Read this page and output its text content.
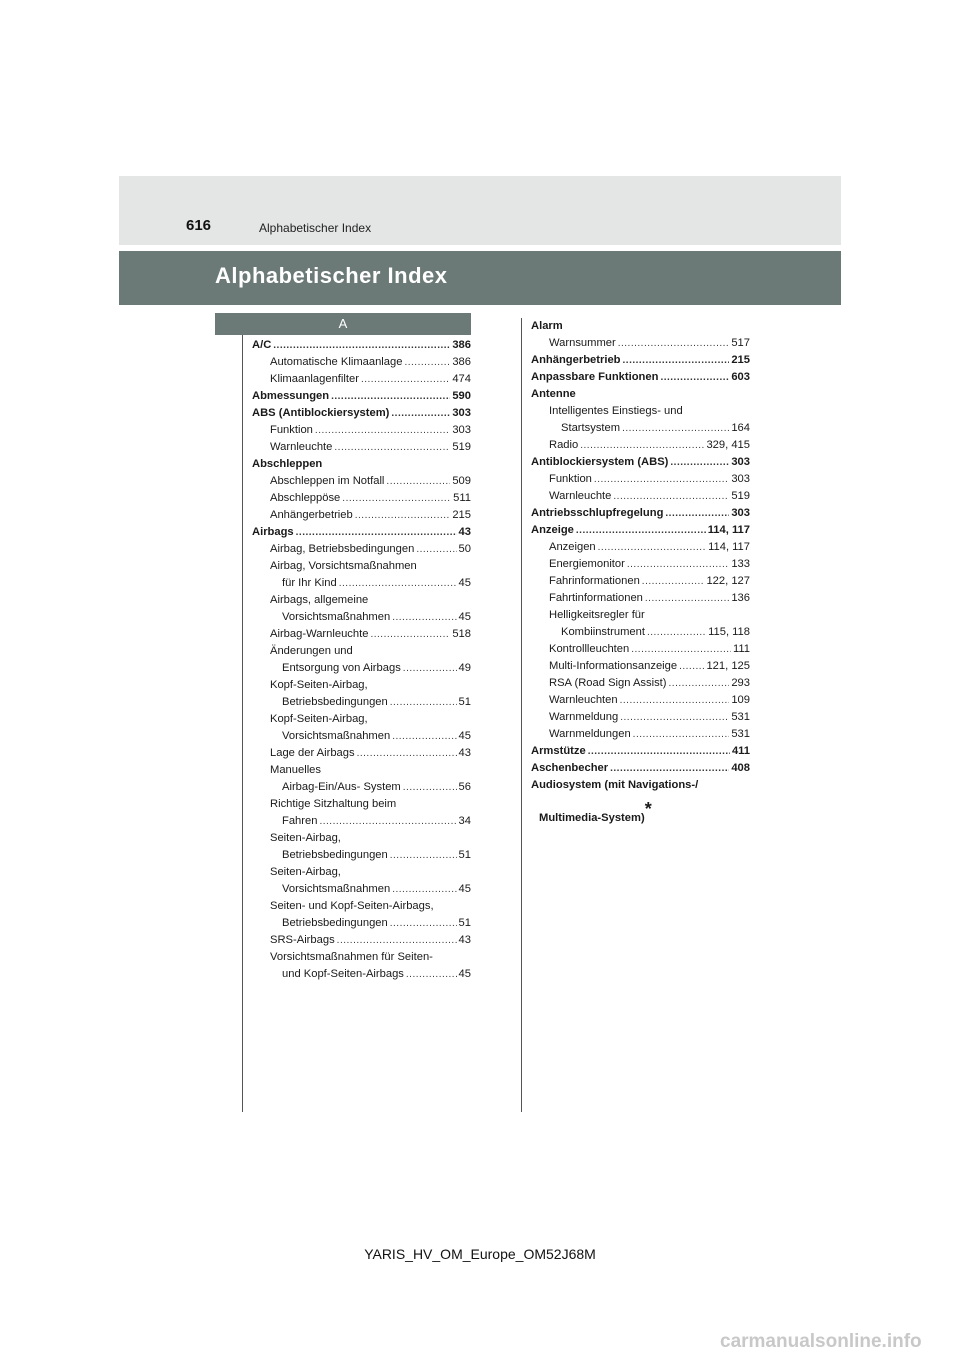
616	Alphabetischer Index
Alphabetischer Index
A
A/C .....	386
Automatische Klimaanlage .....	386
Klimaanlagenfilter .....	474
Abmessungen .....	590
ABS (Antiblockiersystem) .....	303
Funktion .....	303
Warnleuchte .....	519
Abschleppen
Abschleppen im Notfall .....	509
Abschleppöse .....	511
Anhängerbetrieb .....	215
Airbags .....	43
Airbag, Betriebsbedingungen .....	50
Airbag, Vorsichtsmaßnahmen
für Ihr Kind .....	45
Airbags, allgemeine
Vorsichtsmaßnahmen .....	45
Airbag-Warnleuchte .....	518
Änderungen und
Entsorgung von Airbags .....	49
Kopf-Seiten-Airbag,
Betriebsbedingungen .....	51
Kopf-Seiten-Airbag,
Vorsichtsmaßnahmen .....	45
Lage der Airbags .....	43
Manuelles
Airbag-Ein/Aus- System .....	56
Richtige Sitzhaltung beim
Fahren .....	34
Seiten-Airbag,
Betriebsbedingungen .....	51
Seiten-Airbag,
Vorsichtsmaßnahmen .....	45
Seiten- und Kopf-Seiten-Airbags,
Betriebsbedingungen .....	51
SRS-Airbags .....	43
Vorsichtsmaßnahmen für Seiten-
und Kopf-Seiten-Airbags .....	45
Alarm
Warnsummer .....	517
Anhängerbetrieb .....	215
Anpassbare Funktionen .....	603
Antenne
Intelligentes Einstiegs- und
Startsystem .....	164
Radio .....	329, 415
Antiblockiersystem (ABS) .....	303
Funktion .....	303
Warnleuchte .....	519
Antriebsschlupfregelung .....	303
Anzeige .....	114, 117
Anzeigen .....	114, 117
Energiemonitor .....	133
Fahrinformationen .....	122, 127
Fahrtinformationen .....	136
Helligkeitsregler für
Kombiinstrument .....	115, 118
Kontrollleuchten .....	111
Multi-Informationsanzeige .....	121, 125
RSA (Road Sign Assist) .....	293
Warnleuchten .....	109
Warnmeldung .....	531
Warnmeldungen .....	531
Armstütze .....	411
Aschenbecher .....	408
Audiosystem (mit Navigations-/
Multimedia-System)*
YARIS_HV_OM_Europe_OM52J68M
carmanualsonline.info
